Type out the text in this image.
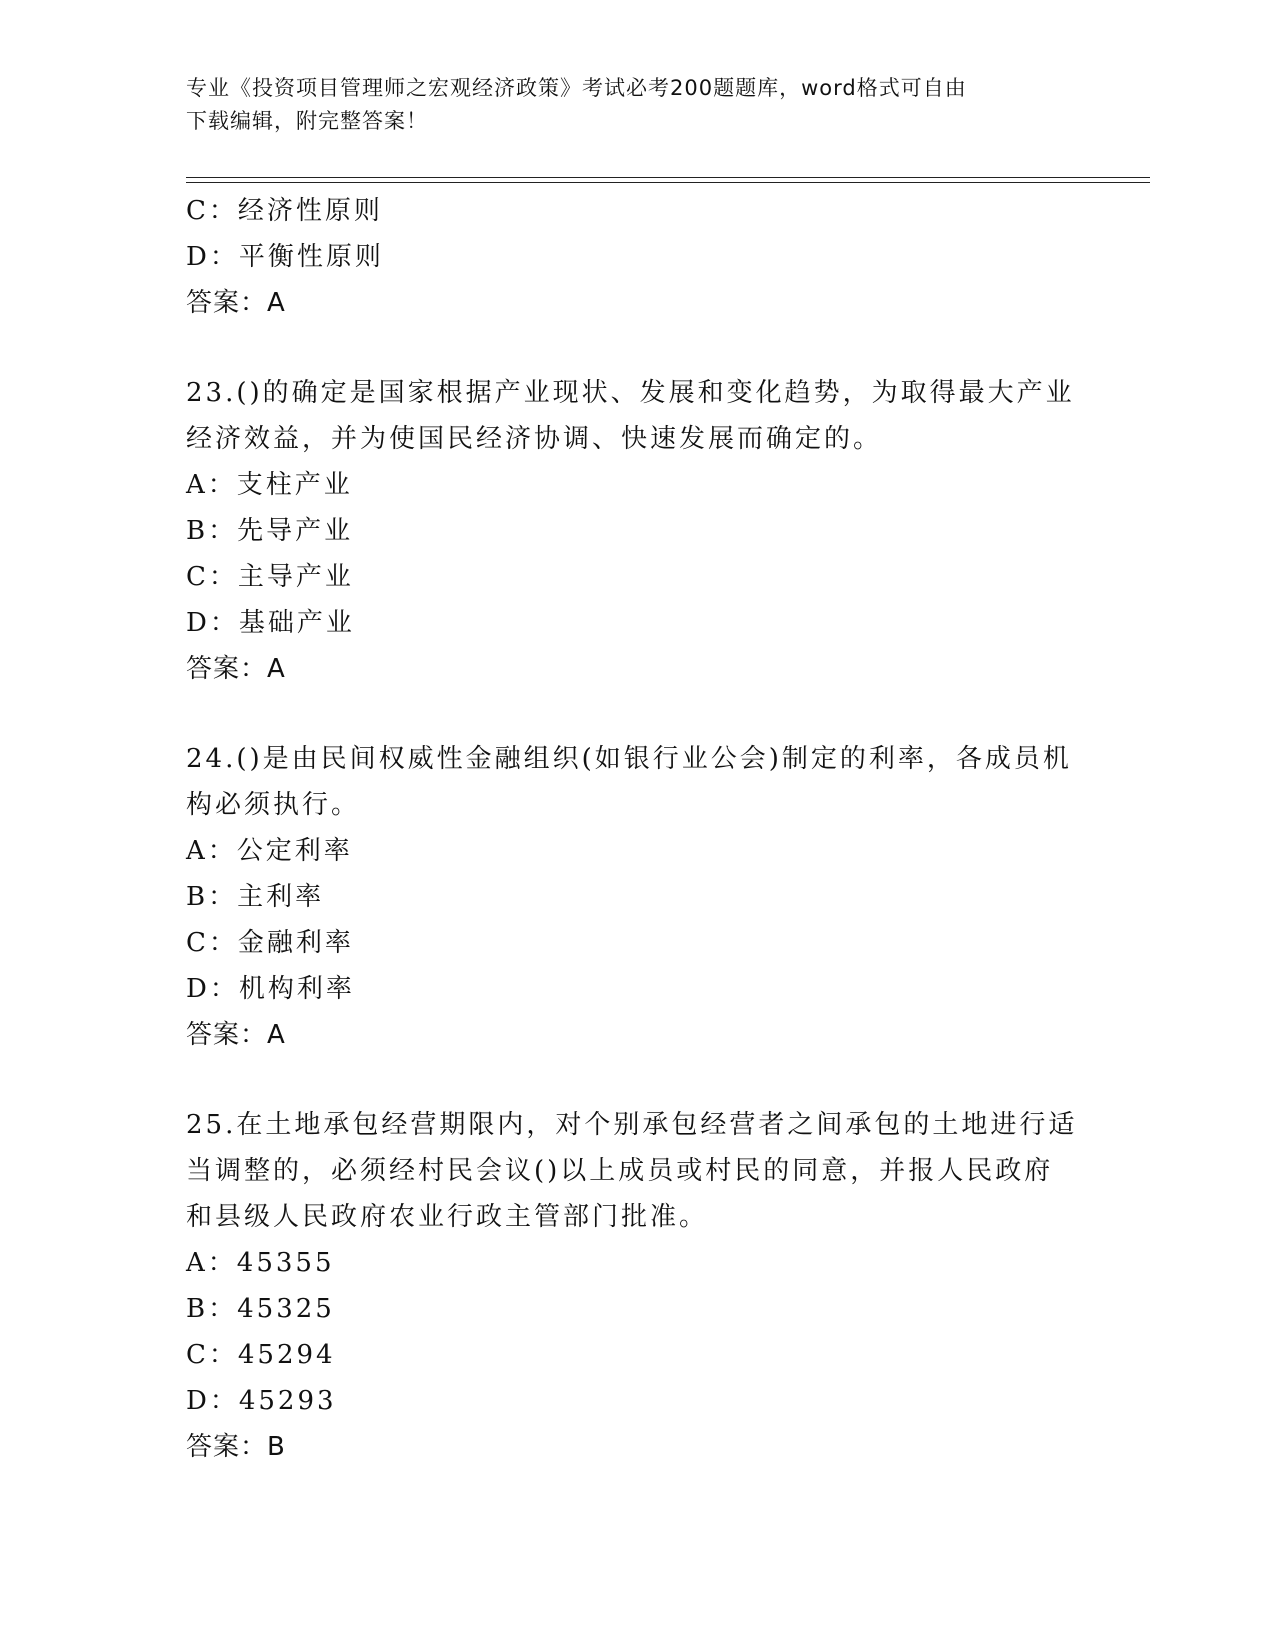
专业《投资项目管理师之宏观经济政策》考试必考200题题库，word格式可自由
下载编辑，附完整答案！
C：经济性原则
D：平衡性原则
答案：A
23.()的确定是国家根据产业现状、发展和变化趋势，为取得最大产业
经济效益，并为使国民经济协调、快速发展而确定的。
A：支柱产业
B：先导产业
C：主导产业
D：基础产业
答案：A
24.()是由民间权威性金融组织(如银行业公会)制定的利率，各成员机
构必须执行。
A：公定利率
B：主利率
C：金融利率
D：机构利率
答案：A
25.在土地承包经营期限内，对个别承包经营者之间承包的土地进行适
当调整的，必须经村民会议()以上成员或村民的同意，并报人民政府
和县级人民政府农业行政主管部门批准。
A：45355
B：45325
C：45294
D：45293
答案：B
